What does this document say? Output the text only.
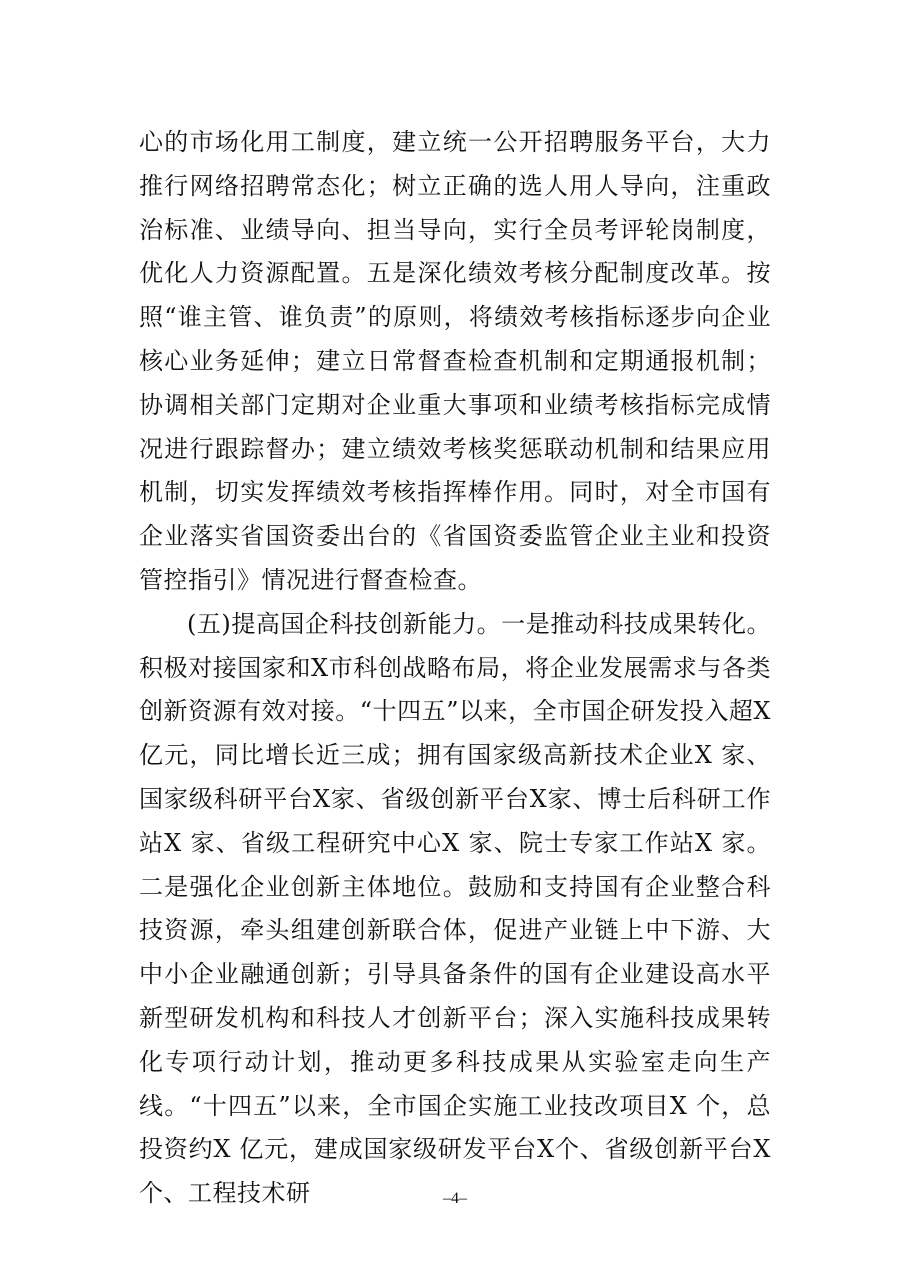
心的市场化用工制度，建立统一公开招聘服务平台，大力推行网络招聘常态化；树立正确的选人用人导向，注重政治标准、业绩导向、担当导向，实行全员考评轮岗制度，优化人力资源配置。五是深化绩效考核分配制度改革。按照“谁主管、谁负责”的原则，将绩效考核指标逐步向企业核心业务延伸；建立日常督查检查机制和定期通报机制；协调相关部门定期对企业重大事项和业绩考核指标完成情况进行跟踪督办；建立绩效考核奖惩联动机制和结果应用机制，切实发挥绩效考核指挥棒作用。同时，对全市国有企业落实省国资委出台的《省国资委监管企业主业和投资管控指引》情况进行督查检查。

(五)提高国企科技创新能力。一是推动科技成果转化。积极对接国家和X市科创战略布局，将企业发展需求与各类创新资源有效对接。“十四五”以来，全市国企研发投入超X亿元，同比增长近三成；拥有国家级高新技术企业X 家、国家级科研平台X家、省级创新平台X家、博士后科研工作站X 家、省级工程研究中心X 家、院士专家工作站X 家。二是强化企业创新主体地位。鼓励和支持国有企业整合科技资源，牵头组建创新联合体，促进产业链上中下游、大中小企业融通创新；引导具备条件的国有企业建设高水平新型研发机构和科技人才创新平台；深入实施科技成果转化专项行动计划，推动更多科技成果从实验室走向生产线。“十四五”以来，全市国企实施工业技改项目X 个，总投资约X 亿元，建成国家级研发平台X个、省级创新平台X个、工程技术研	–4–
